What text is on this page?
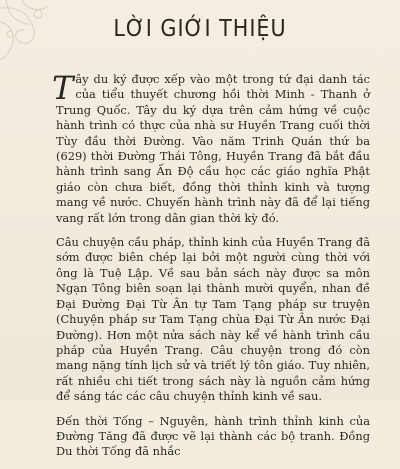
LỜI GIỚI THIỆU

Tây du ký được xếp vào một trong tứ đại danh tác của tiểu thuyết chương hồi thời Minh - Thanh ở Trung Quốc. Tây du ký dựa trên cảm hứng về cuộc hành trình có thực của nhà sư Huyền Trang cuối thời Tùy đầu thời Đường. Vào năm Trinh Quán thứ ba (629) thời Đường Thái Tông, Huyền Trang đã bắt đầu hành trình sang Ấn Độ cầu học các giáo nghĩa Phật giáo còn chưa biết, đồng thời thỉnh kinh và tượng mang về nước. Chuyến hành trình này đã để lại tiếng vang rất lớn trong dân gian thời kỳ đó.

Câu chuyện cầu pháp, thỉnh kinh của Huyền Trang đã sớm được biên chép lại bởi một người cùng thời với ông là Tuệ Lập. Về sau bản sách này được sa môn Ngạn Tông biên soạn lại thành mười quyển, nhan đề Đại Đường Đại Từ Ân tự Tam Tạng pháp sư truyện (Chuyện pháp sư Tam Tạng chùa Đại Từ Ân nước Đại Đường). Hơn một nửa sách này kể về hành trình cầu pháp của Huyền Trang. Câu chuyện trong đó còn mang nặng tính lịch sử và triết lý tôn giáo. Tuy nhiên, rất nhiều chi tiết trong sách này là nguồn cảm hứng để sáng tác các câu chuyện thỉnh kinh về sau.

Đến thời Tống – Nguyên, hành trình thỉnh kinh của Đường Tăng đã được vẽ lại thành các bộ tranh. Đồng Du thời Tống đã nhắc
